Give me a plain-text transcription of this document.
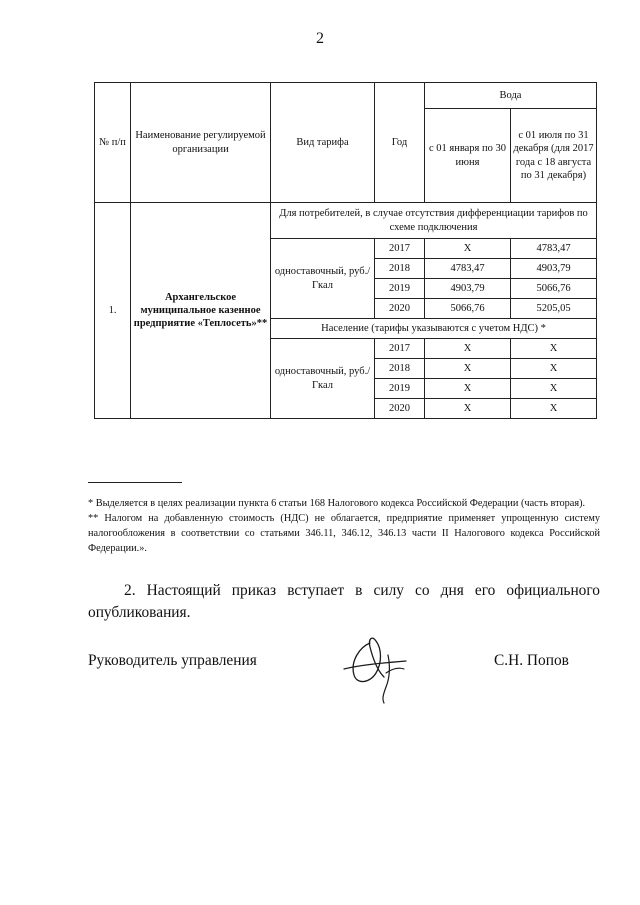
2
№ п/п	Наименование регулируемой организации	Вид тарифа	Год	Вода	
				с 01 января по 30 июня	с 01 июля по 31 декабря (для 2017 года с 18 августа по 31 декабря)
1.	Архангельское муниципальное казенное предприятие «Теплосеть»**	Для потребителей, в случае отсутствия дифференциации тарифов по схеме подключения			
		одноставочный, руб./Гкал	2017	Х	4783,47
			2018	4783,47	4903,79
			2019	4903,79	5066,76
			2020	5066,76	5205,05
		Население (тарифы указываются с учетом НДС) *			
		одноставочный, руб./Гкал	2017	Х	Х
			2018	Х	Х
			2019	Х	Х
			2020	Х	Х

* Выделяется в целях реализации пункта 6 статьи 168 Налогового кодекса Российской Федерации (часть вторая).

** Налогом на добавленную стоимость (НДС) не облагается, предприятие применяет упрощенную систему налогообложения в соответствии со статьями 346.11, 346.12, 346.13 части II Налогового кодекса Российской Федерации.».

2. Настоящий приказ вступает в силу со дня его официального опубликования.

Руководитель управления	С.Н. Попов
